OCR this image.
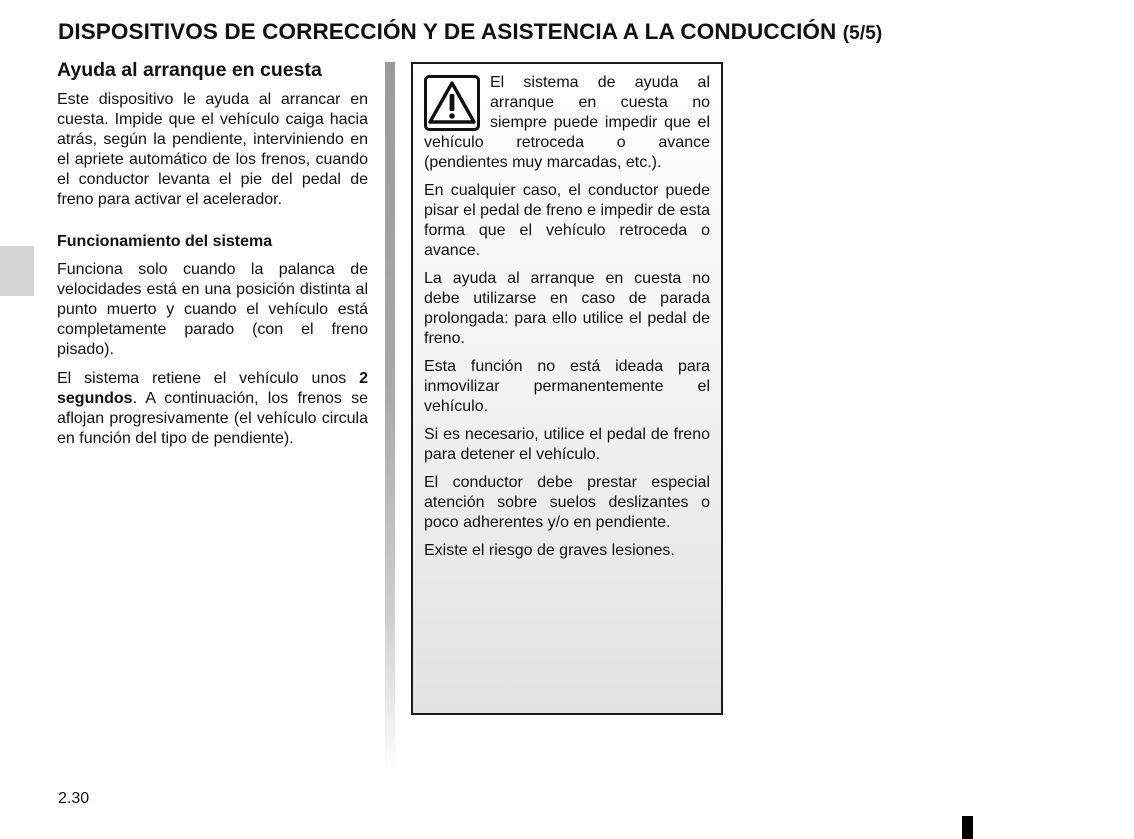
DISPOSITIVOS DE CORRECCIÓN Y DE ASISTENCIA A LA CONDUCCIÓN (5/5)
Ayuda al arranque en cuesta

Este dispositivo le ayuda al arrancar en cuesta. Impide que el vehículo caiga hacia atrás, según la pendiente, interviniendo en el apriete automático de los frenos, cuando el conductor levanta el pie del pedal de freno para activar el acelerador.

Funcionamiento del sistema

Funciona solo cuando la palanca de velocidades está en una posición distinta al punto muerto y cuando el vehículo está completamente parado (con el freno pisado).

El sistema retiene el vehículo unos 2 segundos. A continuación, los frenos se aflojan progresivamente (el vehículo circula en función del tipo de pendiente).

El sistema de ayuda al arranque en cuesta no siempre puede impedir que el vehículo retroceda o avance (pendientes muy marcadas, etc.).

En cualquier caso, el conductor puede pisar el pedal de freno e impedir de esta forma que el vehículo retroceda o avance.

La ayuda al arranque en cuesta no debe utilizarse en caso de parada prolongada: para ello utilice el pedal de freno.

Esta función no está ideada para inmovilizar permanentemente el vehículo.

Si es necesario, utilice el pedal de freno para detener el vehículo.

El conductor debe prestar especial atención sobre suelos deslizantes o poco adherentes y/o en pendiente.

Existe el riesgo de graves lesiones.

2.30
